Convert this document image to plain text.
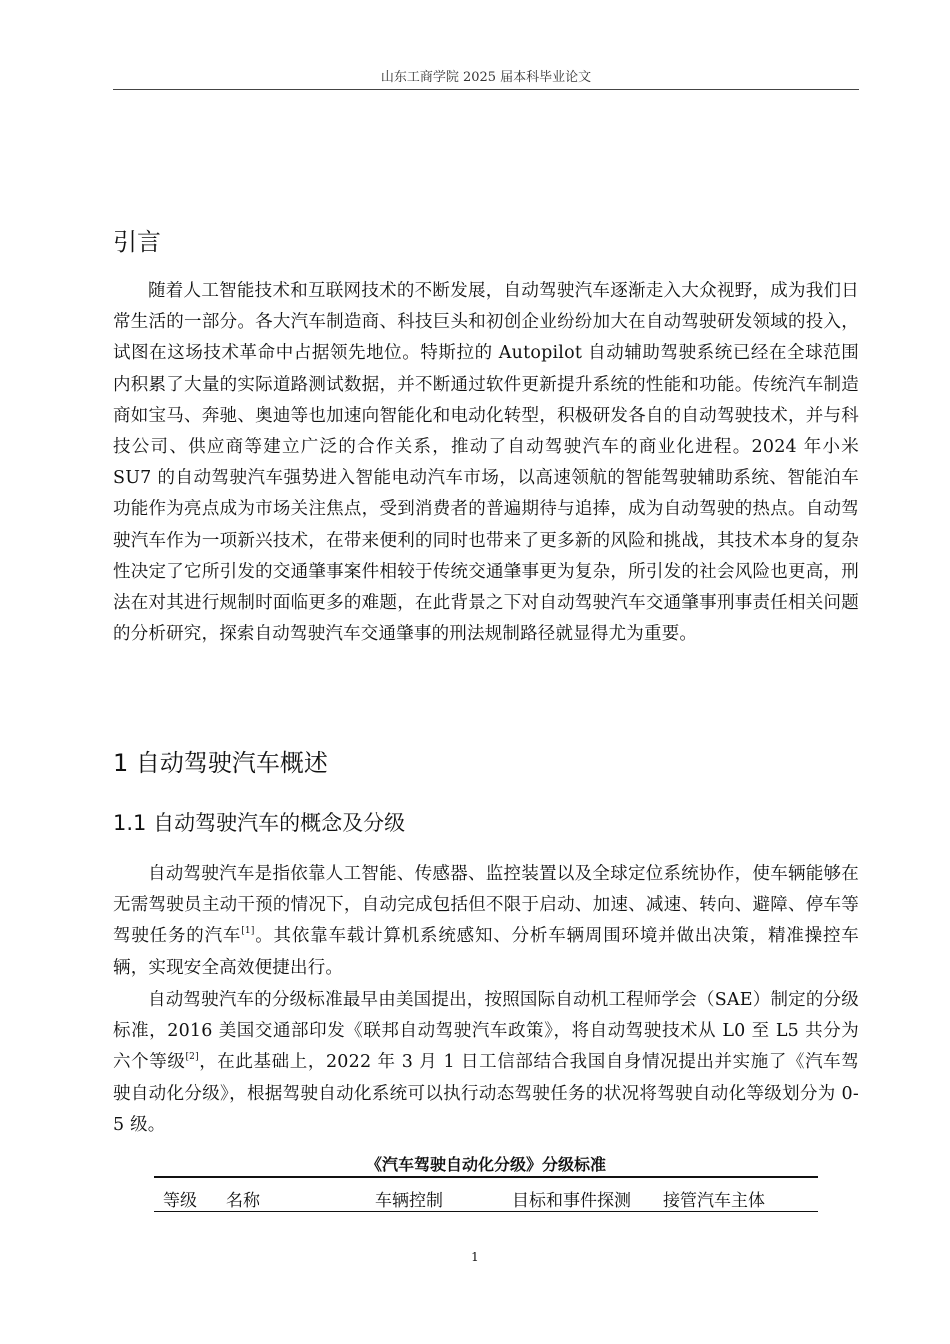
山东工商学院 2025 届本科毕业论文
引言

随着人工智能技术和互联网技术的不断发展，自动驾驶汽车逐渐走入大众视野，成为我们日常生活的一部分。各大汽车制造商、科技巨头和初创企业纷纷加大在自动驾驶研发领域的投入，试图在这场技术革命中占据领先地位。特斯拉的 Autopilot 自动辅助驾驶系统已经在全球范围内积累了大量的实际道路测试数据，并不断通过软件更新提升系统的性能和功能。传统汽车制造商如宝马、奔驰、奥迪等也加速向智能化和电动化转型，积极研发各自的自动驾驶技术，并与科技公司、供应商等建立广泛的合作关系，推动了自动驾驶汽车的商业化进程。2024 年小米 SU7 的自动驾驶汽车强势进入智能电动汽车市场，以高速领航的智能驾驶辅助系统、智能泊车功能作为亮点成为市场关注焦点，受到消费者的普遍期待与追捧，成为自动驾驶的热点。自动驾驶汽车作为一项新兴技术，在带来便利的同时也带来了更多新的风险和挑战，其技术本身的复杂性决定了它所引发的交通肇事案件相较于传统交通肇事更为复杂，所引发的社会风险也更高，刑法在对其进行规制时面临更多的难题，在此背景之下对自动驾驶汽车交通肇事刑事责任相关问题的分析研究，探索自动驾驶汽车交通肇事的刑法规制路径就显得尤为重要。

1 自动驾驶汽车概述
1.1 自动驾驶汽车的概念及分级

自动驾驶汽车是指依靠人工智能、传感器、监控装置以及全球定位系统协作，使车辆能够在无需驾驶员主动干预的情况下，自动完成包括但不限于启动、加速、减速、转向、避障、停车等驾驶任务的汽车[1]。其依靠车载计算机系统感知、分析车辆周围环境并做出决策，精准操控车辆，实现安全高效便捷出行。

自动驾驶汽车的分级标准最早由美国提出，按照国际自动机工程师学会（SAE）制定的分级标准，2016 美国交通部印发《联邦自动驾驶汽车政策》，将自动驾驶技术从 L0 至 L5 共分为六个等级[2]，在此基础上，2022 年 3 月 1 日工信部结合我国自身情况提出并实施了《汽车驾驶自动化分级》，根据驾驶自动化系统可以执行动态驾驶任务的状况将驾驶自动化等级划分为 0-5 级。

《汽车驾驶自动化分级》分级标准
等级 名称	车辆控制	目标和事件探测 接管汽车主体
1
